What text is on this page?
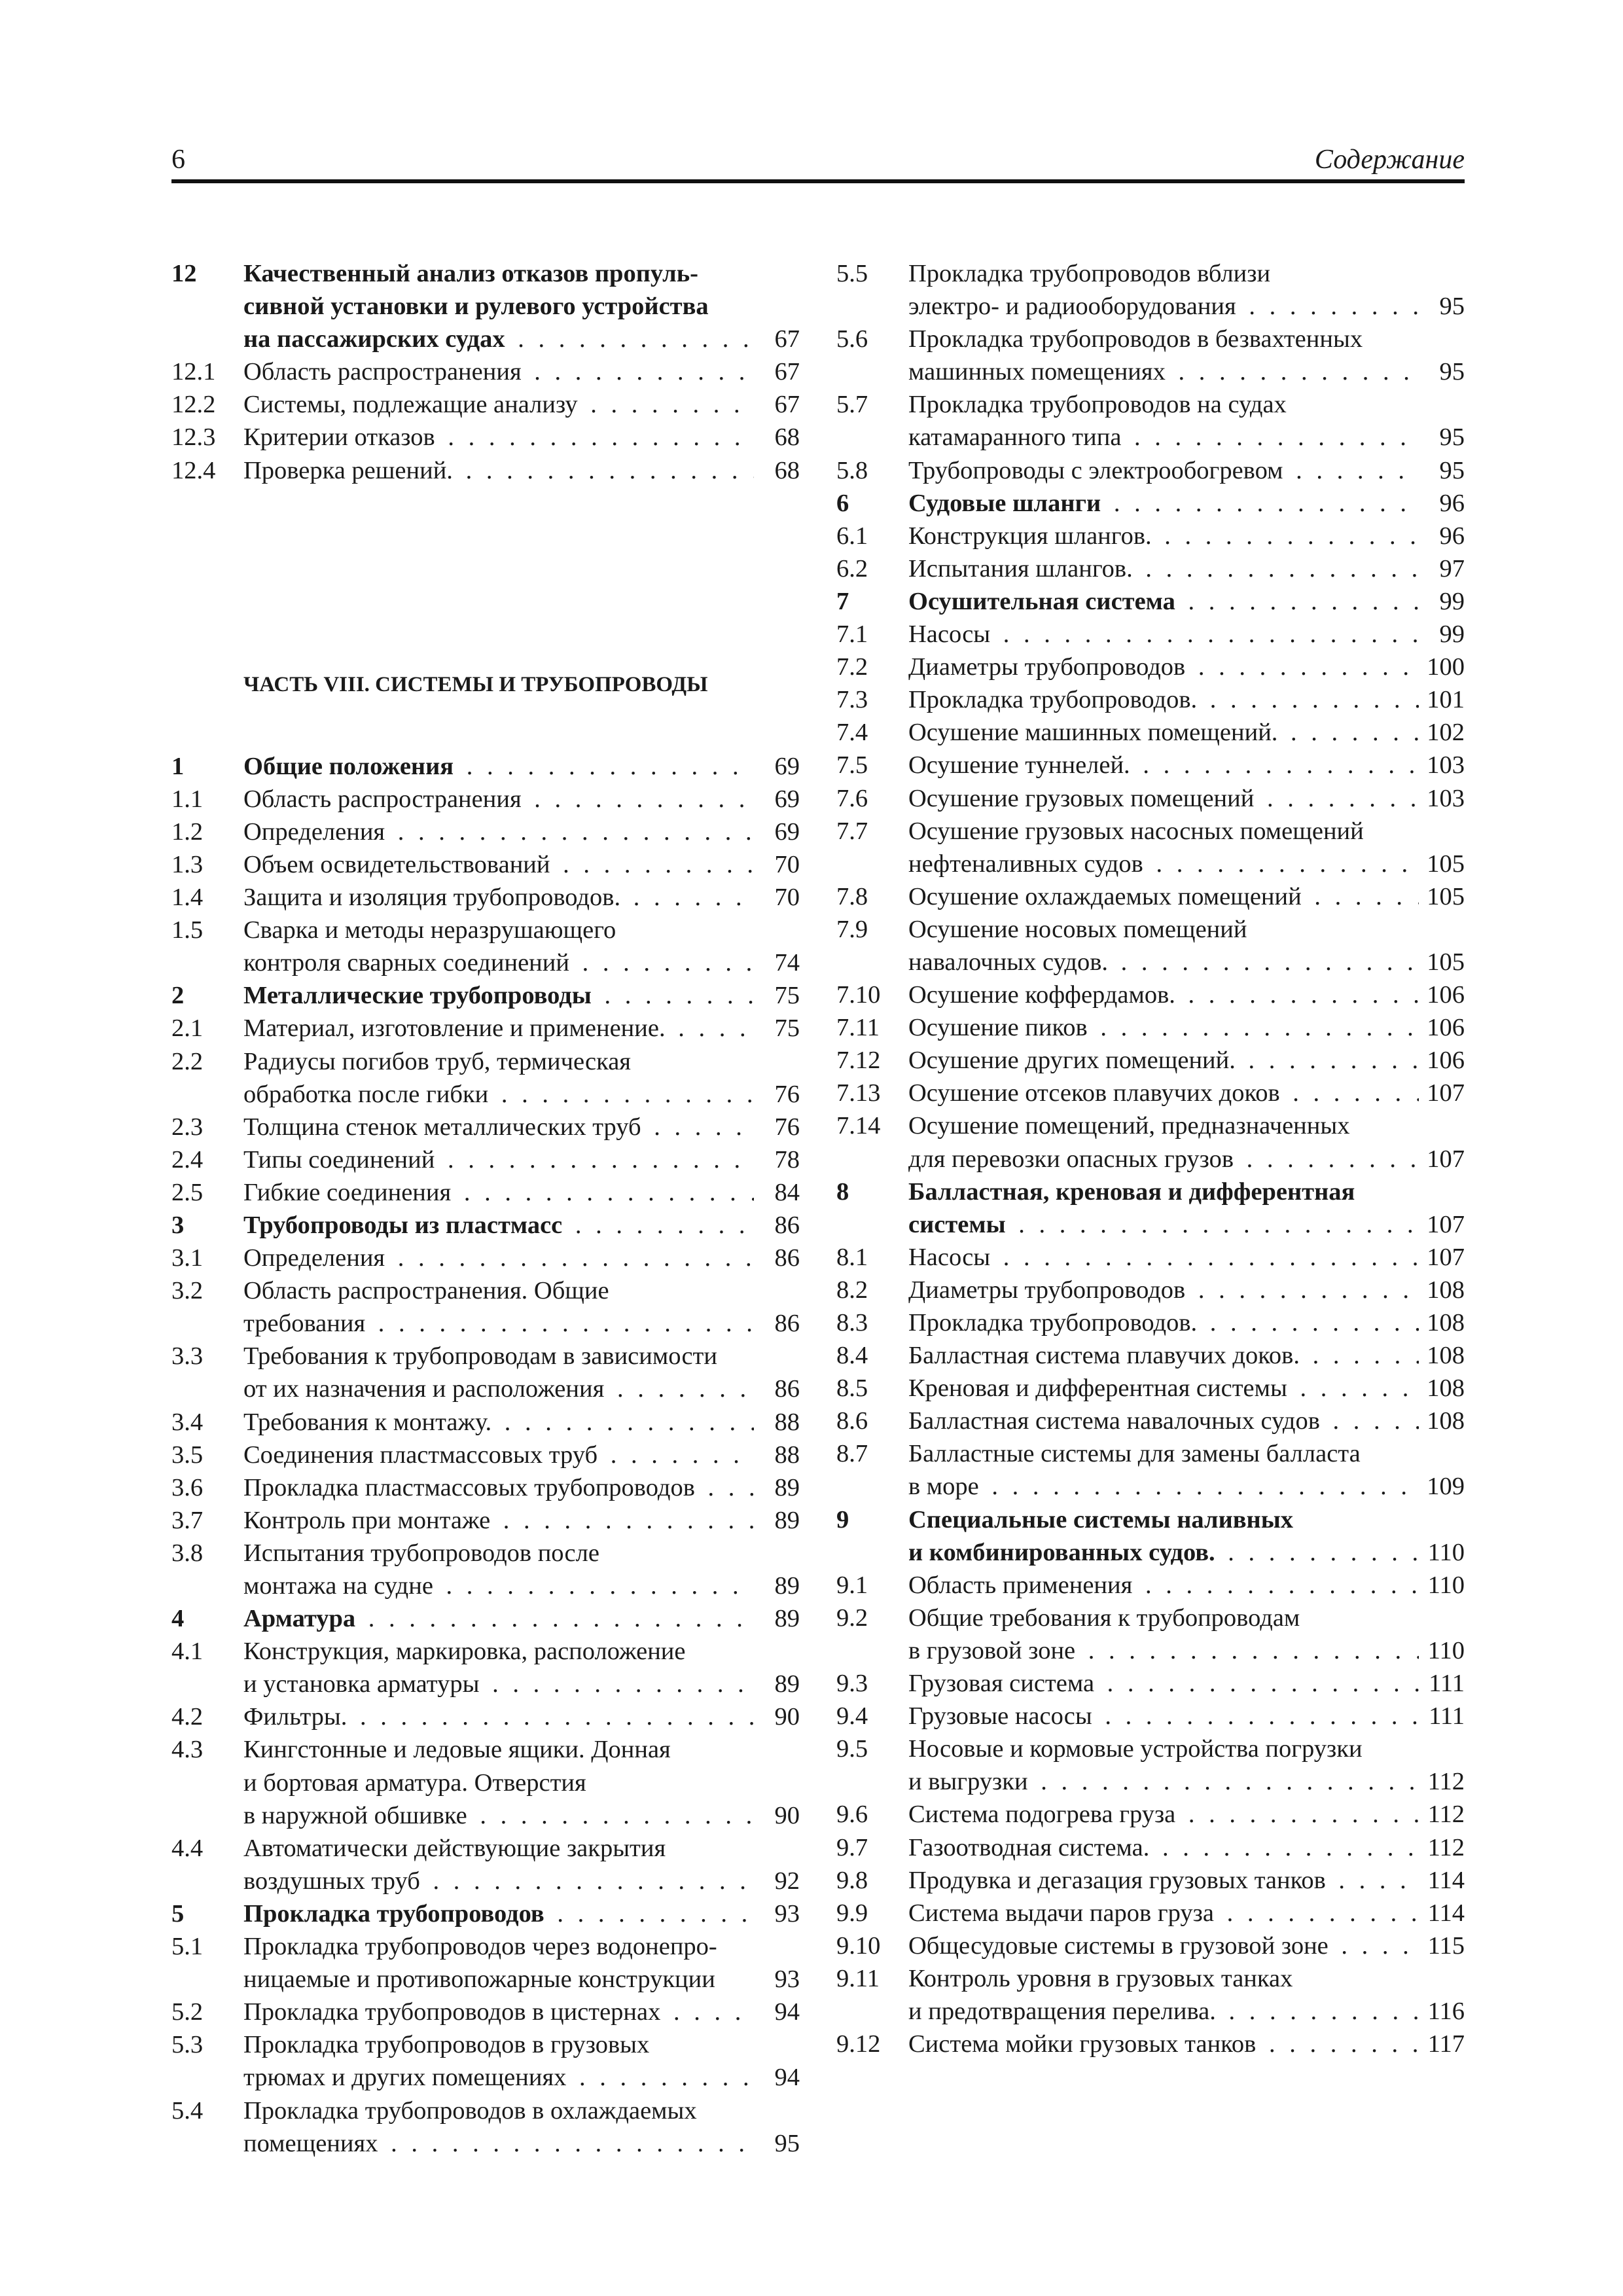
6	Содержание
12 Качественный анализ отказов пропуль-
сивной установки и рулевого устройства
на пассажирских судах . . .	67
12.1 Область распространения . . .	67
12.2 Системы, подлежащие анализу . . .	67
12.3 Критерии отказов . . .	68
12.4 Проверка решений. . . .	68
ЧАСТЬ VIII. СИСТЕМЫ И ТРУБОПРОВОДЫ
1 Общие положения . . .	69
1.1 Область распространения . . .	69
1.2 Определения . . .	69
1.3 Объем освидетельствований . . .	70
1.4 Защита и изоляция трубопроводов. . . .	70
1.5 Сварка и методы неразрушающего
контроля сварных соединений . . .	74
2 Металлические трубопроводы . . .	75
2.1 Материал, изготовление и применение. . . .	75
2.2 Радиусы погибов труб, термическая
обработка после гибки . . .	76
2.3 Толщина стенок металлических труб . . .	76
2.4 Типы соединений . . .	78
2.5 Гибкие соединения . . .	84
3 Трубопроводы из пластмасс . . .	86
3.1 Определения . . .	86
3.2 Область распространения. Общие
требования . . .	86
3.3 Требования к трубопроводам в зависимости
от их назначения и расположения . . .	86
3.4 Требования к монтажу. . . .	88
3.5 Соединения пластмассовых труб . . .	88
3.6 Прокладка пластмассовых трубопроводов . . .	89
3.7 Контроль при монтаже . . .	89
3.8 Испытания трубопроводов после
монтажа на судне . . .	89
4 Арматура . . .	89
4.1 Конструкция, маркировка, расположение
и установка арматуры . . .	89
4.2 Фильтры. . . .	90
4.3 Кингстонные и ледовые ящики. Донная
и бортовая арматура. Отверстия
в наружной обшивке . . .	90
4.4 Автоматически действующие закрытия
воздушных труб . . .	92
5 Прокладка трубопроводов . . .	93
5.1 Прокладка трубопроводов через водонепро-
ницаемые и противопожарные конструкции	93
5.2 Прокладка трубопроводов в цистернах . . .	94
5.3 Прокладка трубопроводов в грузовых
трюмах и других помещениях . . .	94
5.4 Прокладка трубопроводов в охлаждаемых
помещениях . . .	95
5.5 Прокладка трубопроводов вблизи
электро- и радиооборудования . . .	95
5.6 Прокладка трубопроводов в безвахтенных
машинных помещениях . . .	95
5.7 Прокладка трубопроводов на судах
катамаранного типа . . .	95
5.8 Трубопроводы с электрообогревом . . .	95
6 Судовые шланги . . .	96
6.1 Конструкция шлангов. . . .	96
6.2 Испытания шлангов. . . .	97
7 Осушительная система . . .	99
7.1 Насосы . . .	99
7.2 Диаметры трубопроводов . . .	100
7.3 Прокладка трубопроводов. . . .	101
7.4 Осушение машинных помещений. . . .	102
7.5 Осушение туннелей. . . .	103
7.6 Осушение грузовых помещений . . .	103
7.7 Осушение грузовых насосных помещений
нефтеналивных судов . . .	105
7.8 Осушение охлаждаемых помещений . . .	105
7.9 Осушение носовых помещений
навалочных судов. . . .	105
7.10 Осушение коффердамов. . . .	106
7.11 Осушение пиков . . .	106
7.12 Осушение других помещений. . . .	106
7.13 Осушение отсеков плавучих доков . . .	107
7.14 Осушение помещений, предназначенных
для перевозки опасных грузов . . .	107
8 Балластная, креновая и дифферентная
системы . . .	107
8.1 Насосы . . .	107
8.2 Диаметры трубопроводов . . .	108
8.3 Прокладка трубопроводов. . . .	108
8.4 Балластная система плавучих доков. . . .	108
8.5 Креновая и дифферентная системы . . .	108
8.6 Балластная система навалочных судов . . .	108
8.7 Балластные системы для замены балласта
в море . . .	109
9 Специальные системы наливных
и комбинированных судов. . . .	110
9.1 Область применения . . .	110
9.2 Общие требования к трубопроводам
в грузовой зоне . . .	110
9.3 Грузовая система . . .	111
9.4 Грузовые насосы . . .	111
9.5 Носовые и кормовые устройства погрузки
и выгрузки . . .	112
9.6 Система подогрева груза . . .	112
9.7 Газоотводная система. . . .	112
9.8 Продувка и дегазация грузовых танков . . .	114
9.9 Система выдачи паров груза . . .	114
9.10 Общесудовые системы в грузовой зоне . . .	115
9.11 Контроль уровня в грузовых танках
и предотвращения перелива. . . .	116
9.12 Система мойки грузовых танков . . .	117
